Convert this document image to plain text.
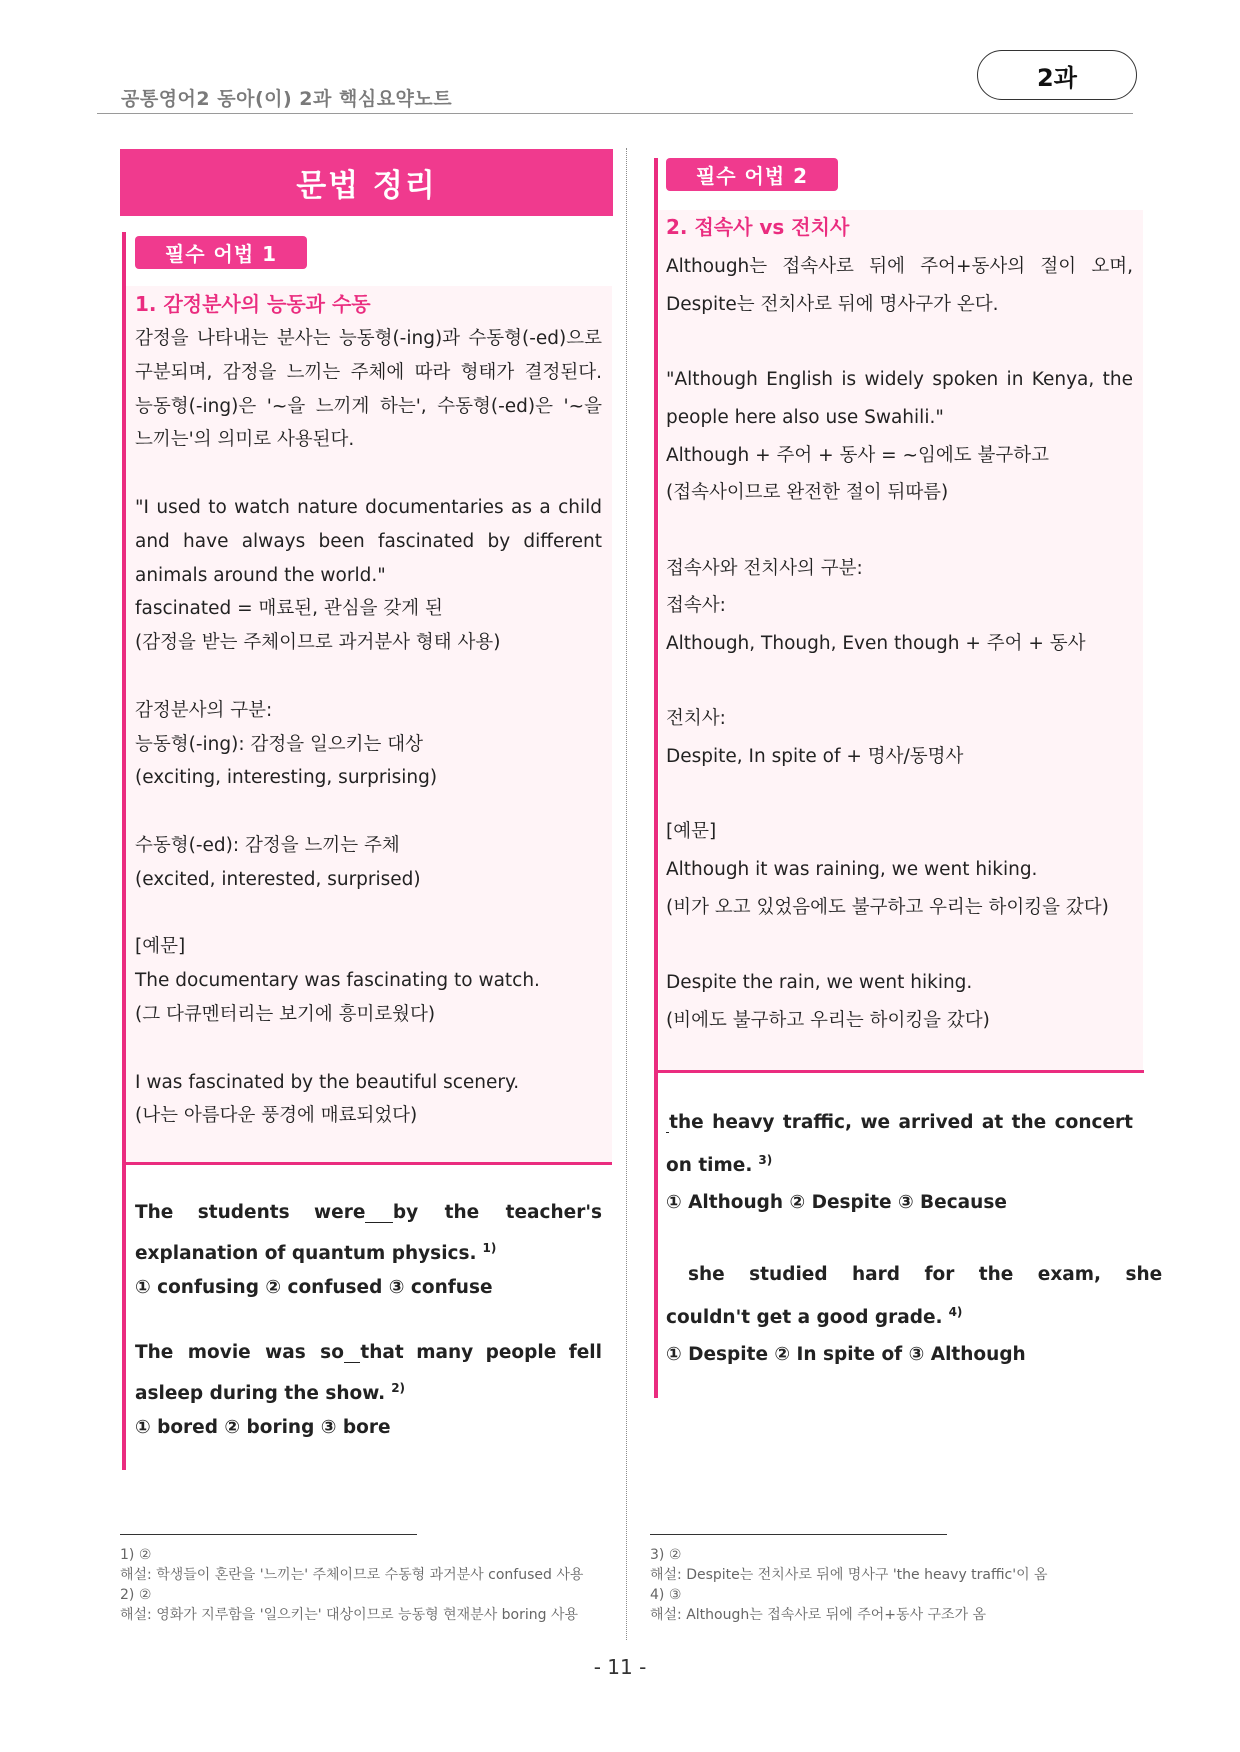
공통영어2 동아(이) 2과 핵심요약노트
2과
문법 정리
필수 어법 1
1. 감정분사의 능동과 수동
감정을 나타내는 분사는 능동형(-ing)과 수동형(-ed)으로
구분되며, 감정을 느끼는 주체에 따라 형태가 결정된다.
능동형(-ing)은 '~을 느끼게 하는', 수동형(-ed)은 '~을
느끼는'의 의미로 사용된다.
"I used to watch nature documentaries as a child
and have always been fascinated by different
animals around the world."
fascinated = 매료된, 관심을 갖게 된
(감정을 받는 주체이므로 과거분사 형태 사용)
감정분사의 구분:
능동형(-ing): 감정을 일으키는 대상
(exciting, interesting, surprising)
수동형(-ed): 감정을 느끼는 주체
(excited, interested, surprised)
[예문]
The documentary was fascinating to watch.
(그 다큐멘터리는 보기에 흥미로웠다)
I was fascinated by the beautiful scenery.
(나는 아름다운 풍경에 매료되었다)
The students were by the teacher's
explanation of quantum physics. $^{1)}$
① confusing ② confused ③ confuse
The movie was so that many people fell
asleep during the show. $^{2)}$
① bored ② boring ③ bore
필수 어법 2
2. 접속사 vs 전치사
Although는 접속사로 뒤에 주어+동사의 절이 오며,
Despite는 전치사로 뒤에 명사구가 온다.
"Although English is widely spoken in Kenya, the
people here also use Swahili."
Although + 주어 + 동사 = ~임에도 불구하고
(접속사이므로 완전한 절이 뒤따름)
접속사와 전치사의 구분:
접속사:
Although, Though, Even though + 주어 + 동사
전치사:
Despite, In spite of + 명사/동명사
[예문]
Although it was raining, we went hiking.
(비가 오고 있었음에도 불구하고 우리는 하이킹을 갔다)
Despite the rain, we went hiking.
(비에도 불구하고 우리는 하이킹을 갔다)
the heavy traffic, we arrived at the concert
on time. $^{3)}$
① Although ② Despite ③ Because
she studied hard for the exam, she
couldn't get a good grade. $^{4)}$
① Despite ② In spite of ③ Although
1) ②
해설: 학생들이 혼란을 '느끼는' 주체이므로 수동형 과거분사 confused 사용
2) ②
해설: 영화가 지루함을 '일으키는' 대상이므로 능동형 현재분사 boring 사용
3) ②
해설: Despite는 전치사로 뒤에 명사구 'the heavy traffic'이 옴
4) ③
해설: Although는 접속사로 뒤에 주어+동사 구조가 옴
- 11 -
